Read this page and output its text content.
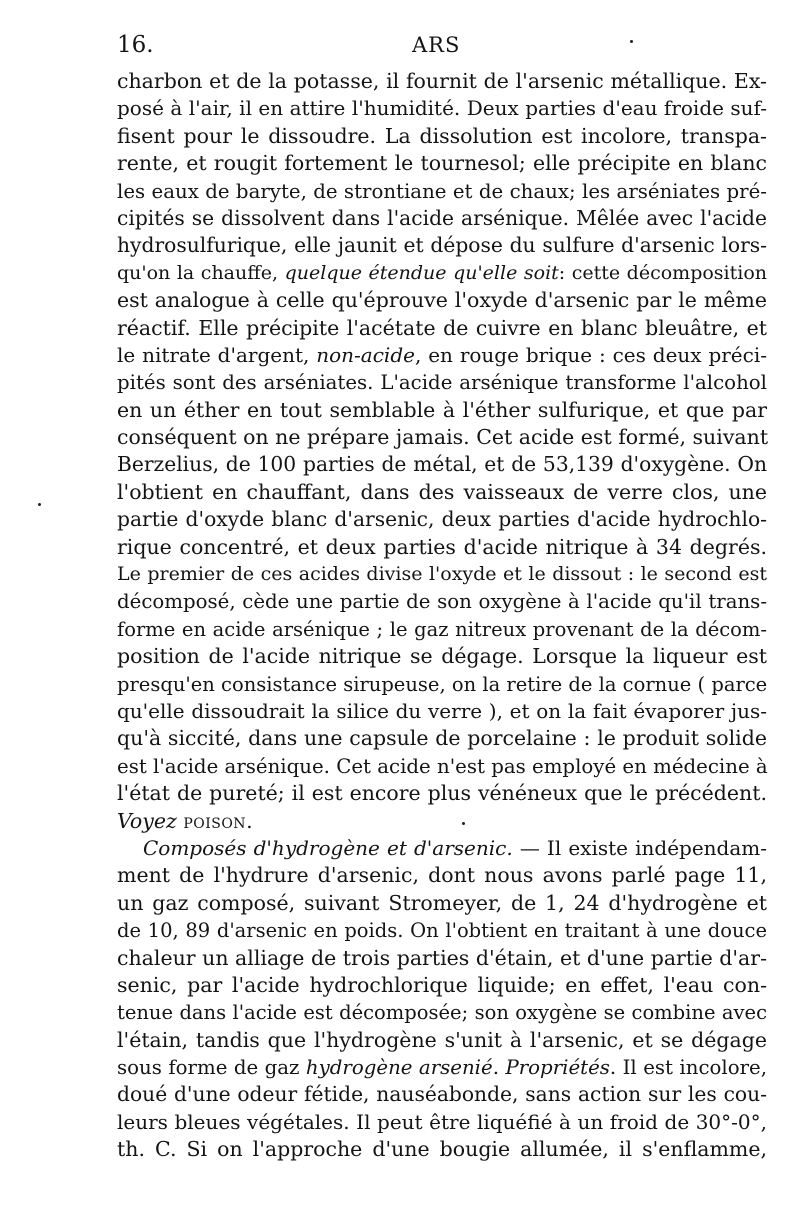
16.	ARS
charbon et de la potasse, il fournit de l'arsenic métallique. Ex-
posé à l'air, il en attire l'humidité. Deux parties d'eau froide suf-
fisent pour le dissoudre. La dissolution est incolore, transpa-
rente, et rougit fortement le tournesol; elle précipite en blanc
les eaux de baryte, de strontiane et de chaux; les arséniates pré-
cipités se dissolvent dans l'acide arsénique. Mêlée avec l'acide
hydrosulfurique, elle jaunit et dépose du sulfure d'arsenic lors-
qu'on la chauffe, quelque étendue qu'elle soit: cette décomposition
est analogue à celle qu'éprouve l'oxyde d'arsenic par le même
réactif. Elle précipite l'acétate de cuivre en blanc bleuâtre, et
le nitrate d'argent, non-acide, en rouge brique : ces deux préci-
pités sont des arséniates. L'acide arsénique transforme l'alcohol
en un éther en tout semblable à l'éther sulfurique, et que par
conséquent on ne prépare jamais. Cet acide est formé, suivant
Berzelius, de 100 parties de métal, et de 53,139 d'oxygène. On
l'obtient en chauffant, dans des vaisseaux de verre clos, une
partie d'oxyde blanc d'arsenic, deux parties d'acide hydrochlo-
rique concentré, et deux parties d'acide nitrique à 34 degrés.
Le premier de ces acides divise l'oxyde et le dissout : le second est
décomposé, cède une partie de son oxygène à l'acide qu'il trans-
forme en acide arsénique ; le gaz nitreux provenant de la décom-
position de l'acide nitrique se dégage. Lorsque la liqueur est
presqu'en consistance sirupeuse, on la retire de la cornue ( parce
qu'elle dissoudrait la silice du verre ), et on la fait évaporer jus-
qu'à siccité, dans une capsule de porcelaine : le produit solide
est l'acide arsénique. Cet acide n'est pas employé en médecine à
l'état de pureté; il est encore plus vénéneux que le précédent.
Voyez poison.
Composés d'hydrogène et d'arsenic. — Il existe indépendam-
ment de l'hydrure d'arsenic, dont nous avons parlé page 11,
un gaz composé, suivant Stromeyer, de 1, 24 d'hydrogène et
de 10, 89 d'arsenic en poids. On l'obtient en traitant à une douce
chaleur un alliage de trois parties d'étain, et d'une partie d'ar-
senic, par l'acide hydrochlorique liquide; en effet, l'eau con-
tenue dans l'acide est décomposée; son oxygène se combine avec
l'étain, tandis que l'hydrogène s'unit à l'arsenic, et se dégage
sous forme de gaz hydrogène arsenié. Propriétés. Il est incolore,
doué d'une odeur fétide, nauséabonde, sans action sur les cou-
leurs bleues végétales. Il peut être liquéfié à un froid de 30°-0°,
th. C. Si on l'approche d'une bougie allumée, il s'enflamme,
